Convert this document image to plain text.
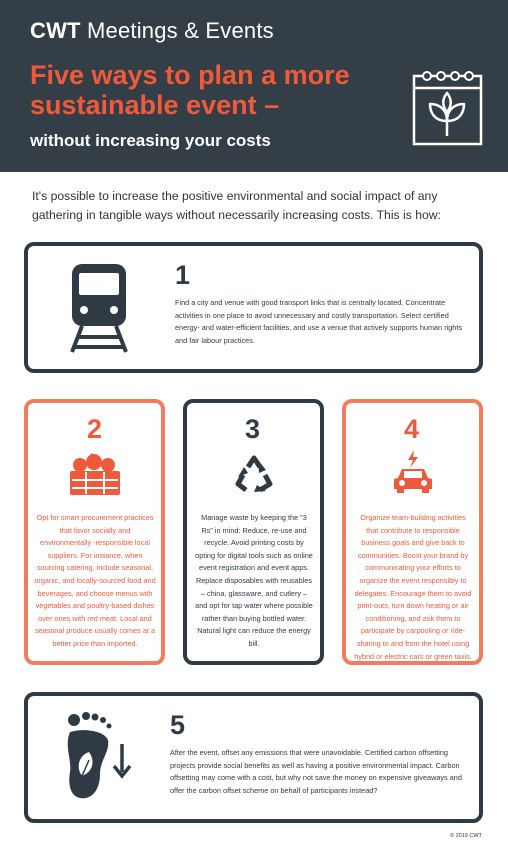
CWT Meetings & Events
Five ways to plan a more sustainable event –
without increasing your costs
It's possible to increase the positive environmental and social impact of any gathering in tangible ways without necessarily increasing costs. This is how:
1
Find a city and venue with good transport links that is centrally located. Concentrate activities in one place to avoid unnecessary and costly transportation. Select certified energy- and water-efficient facilities, and use a venue that actively supports human rights and fair labour practices.
2
Opt for smart procurement practices that favor socially and environmentally -responsible local suppliers. For instance, when sourcing catering, include seasonal, organic, and locally-sourced food and beverages, and choose menus with vegetables and poultry-based dishes over ones with red meat. Local and seasonal produce usually comes at a better price than imported.
3
Manage waste by keeping the "3 Rs" in mind: Reduce, re-use and recycle. Avoid printing costs by opting for digital tools such as online event registration and event apps. Replace disposables with reusables – china, glassware, and cutlery – and opt for tap water where possible rather than buying bottled water. Natural light can reduce the energy bill.
4
Organize team-building activities that contribute to responsible business goals and give back to communities. Boost your brand by communicating your efforts to organize the event responsibly to delegates. Encourage them to avoid print-outs, turn down heating or air conditioning, and ask them to participate by carpooling or ride-sharing to and from the hotel using hybrid or electric cars or green taxis.
5
After the event, offset any emissions that were unavoidable. Certified carbon offsetting projects provide social benefits as well as having a positive environmental impact. Carbon offsetting may come with a cost, but why not save the money on expensive giveaways and offer the carbon offset scheme on behalf of participants instead?
© 2019 CWT
